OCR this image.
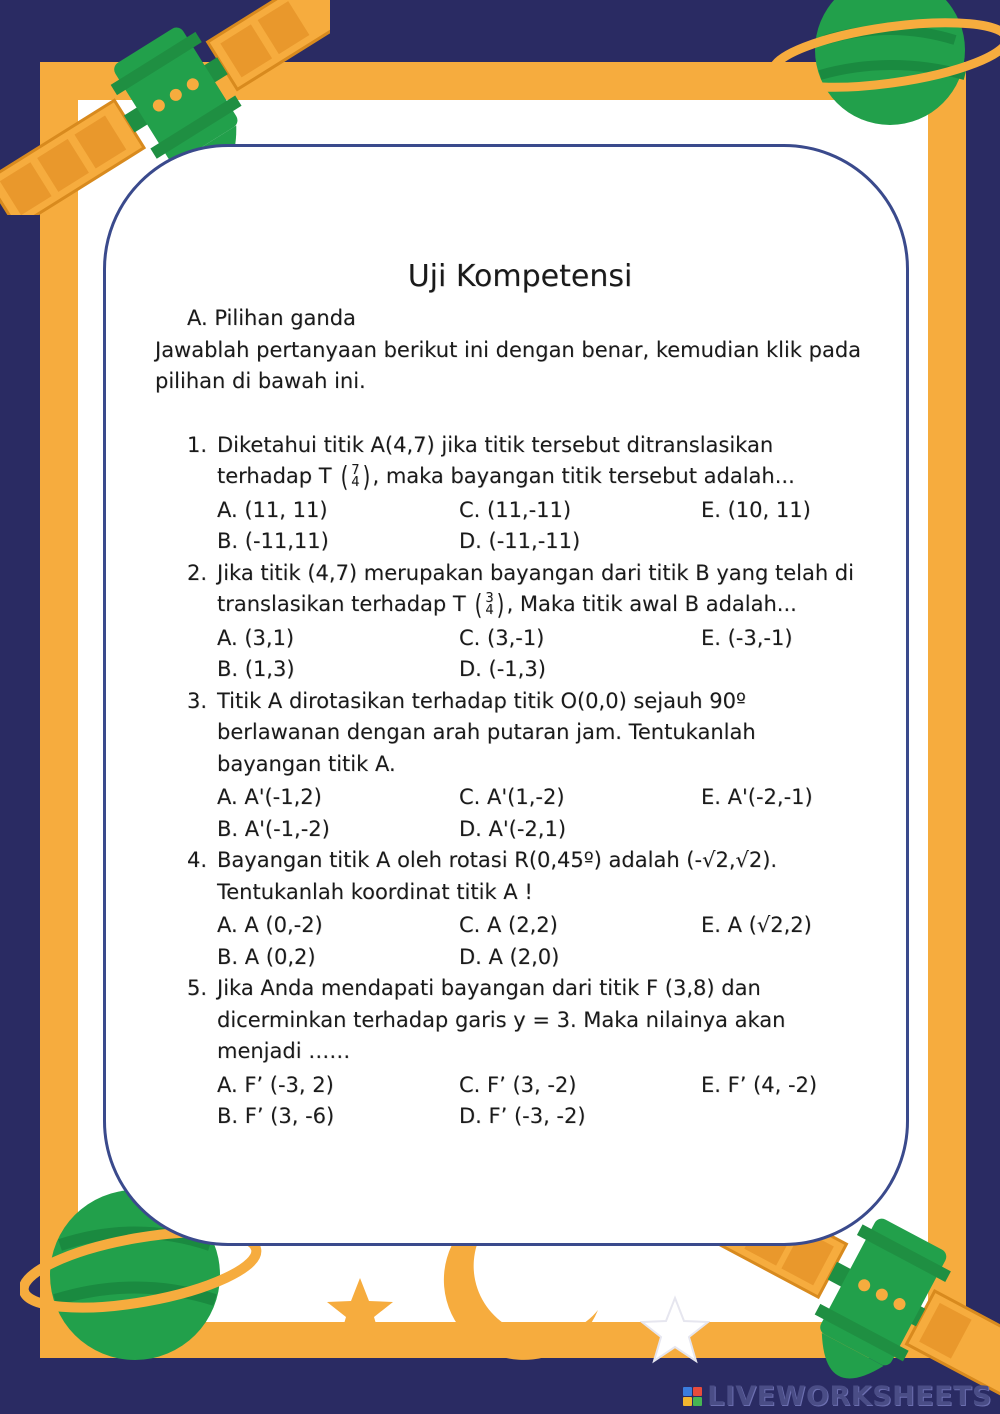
Uji Kompetensi

A. Pilihan ganda

Jawablah pertanyaan berikut ini dengan benar, kemudian klik pada pilihan di bawah ini.

1. Diketahui titik A(4,7) jika titik tersebut ditranslasikan
terhadap T ( 7
4 ) , maka bayangan titik tersebut adalah...

A. (11, 11)	C. (11,-11)	E. (10, 11)
B. (-11,11)	D. (-11,-11)
2. Jika titik (4,7) merupakan bayangan dari titik B yang telah di
translasikan terhadap T ( 3
4 ) , Maka titik awal B adalah...

A. (3,1)	C. (3,-1)	E. (-3,-1)
B. (1,3)	D. (-1,3)
3. Titik A dirotasikan terhadap titik O(0,0) sejauh 90º
berlawanan dengan arah putaran jam. Tentukanlah
bayangan titik A.

A. A'(-1,2)	C. A'(1,-2)	E. A'(-2,-1)
B. A'(-1,-2)	D. A'(-2,1)
4. Bayangan titik A oleh rotasi R(0,45º) adalah (-√2,√2).
Tentukanlah koordinat titik A !

A. A (0,-2)	C. A (2,2)	E. A (√2,2)
B. A (0,2)	D. A (2,0)
5. Jika Anda mendapati bayangan dari titik F (3,8) dan
dicerminkan terhadap garis y = 3. Maka nilainya akan
menjadi ……

A. F’ (-3, 2)	C. F’ (3, -2)	E. F’ (4, -2)
B. F’ (3, -6)	D. F’ (-3, -2)
LIVEWORKSHEETS
